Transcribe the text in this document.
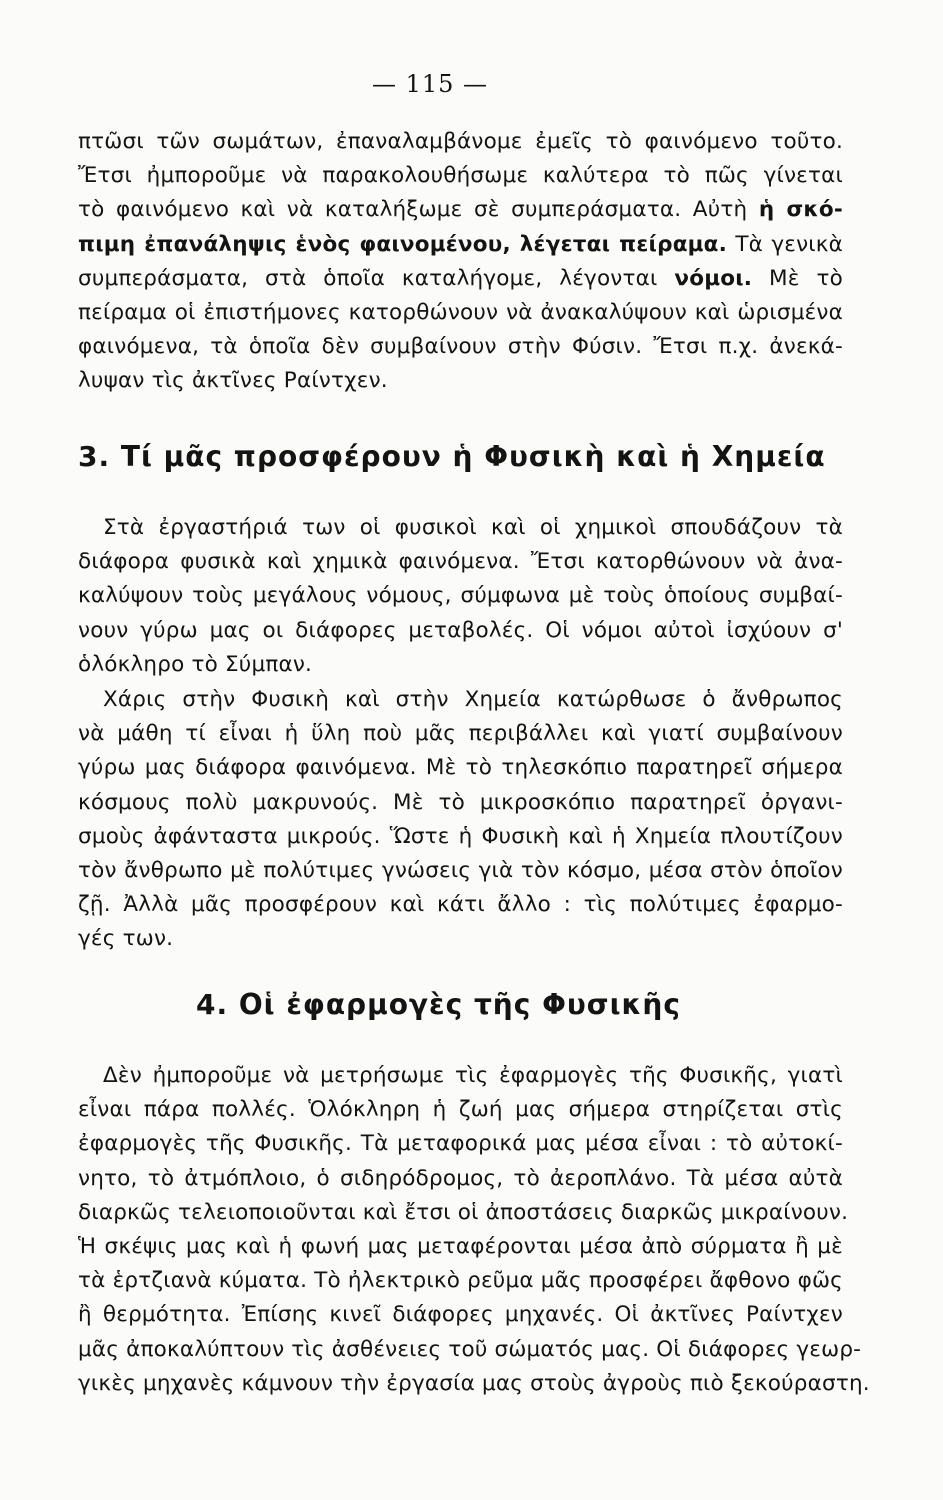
— 115 —
πτῶσι τῶν σωμάτων, ἐπαναλαμβάνομε ἐμεῖς τὸ φαινόμενο τοῦτο.
Ἔτσι ἠμποροῦμε νὰ παρακολουθήσωμε καλύτερα τὸ πῶς γίνεται
τὸ φαινόμενο καὶ νὰ καταλήξωμε σὲ συμπεράσματα. Αὐτὴ ἡ σκό-
πιμη ἐπανάληψις ἑνὸς φαινομένου, λέγεται πείραμα. Τὰ γενικὰ
συμπεράσματα, στὰ ὁποῖα καταλήγομε, λέγονται νόμοι. Μὲ τὸ
πείραμα οἱ ἐπιστήμονες κατορθώνουν νὰ ἀνακαλύψουν καὶ ὡρισμένα
φαινόμενα, τὰ ὁποῖα δὲν συμβαίνουν στὴν Φύσιν. Ἔτσι π.χ. ἀνεκά-
λυψαν τὶς ἀκτῖνες Ραίντχεν.
3. Τί μᾶς προσφέρουν ἡ Φυσικὴ καὶ ἡ Χημεία
Στὰ ἐργαστήριά των οἱ φυσικοὶ καὶ οἱ χημικοὶ σπουδάζουν τὰ
διάφορα φυσικὰ καὶ χημικὰ φαινόμενα. Ἔτσι κατορθώνουν νὰ ἀνα-
καλύψουν τοὺς μεγάλους νόμους, σύμφωνα μὲ τοὺς ὁποίους συμβαί-
νουν γύρω μας οι διάφορες μεταβολές. Οἱ νόμοι αὐτοὶ ἰσχύουν σ'
ὁλόκληρο τὸ Σύμπαν.
Χάρις στὴν Φυσικὴ καὶ στὴν Χημεία κατώρθωσε ὁ ἄνθρωπος
νὰ μάθη τί εἶναι ἡ ὕλη ποὺ μᾶς περιβάλλει καὶ γιατί συμβαίνουν
γύρω μας διάφορα φαινόμενα. Μὲ τὸ τηλεσκόπιο παρατηρεῖ σήμερα
κόσμους πολὺ μακρυνούς. Μὲ τὸ μικροσκόπιο παρατηρεῖ ὀργανι-
σμοὺς ἀφάνταστα μικρούς. Ὥστε ἡ Φυσικὴ καὶ ἡ Χημεία πλουτίζουν
τὸν ἄνθρωπο μὲ πολύτιμες γνώσεις γιὰ τὸν κόσμο, μέσα στὸν ὁποῖον
ζῇ. Ἀλλὰ μᾶς προσφέρουν καὶ κάτι ἄλλο : τὶς πολύτιμες ἐφαρμο-
γές των.
4. Οἱ ἐφαρμογὲς τῆς Φυσικῆς
Δὲν ἠμποροῦμε νὰ μετρήσωμε τὶς ἐφαρμογὲς τῆς Φυσικῆς, γιατὶ
εἶναι πάρα πολλές. Ὁλόκληρη ἡ ζωή μας σήμερα στηρίζεται στὶς
ἐφαρμογὲς τῆς Φυσικῆς. Τὰ μεταφορικά μας μέσα εἶναι : τὸ αὐτοκί-
νητο, τὸ ἀτμόπλοιο, ὁ σιδηρόδρομος, τὸ ἀεροπλάνο. Τὰ μέσα αὐτὰ
διαρκῶς τελειοποιοῦνται καὶ ἔτσι οἱ ἀποστάσεις διαρκῶς μικραίνουν.
Ἡ σκέψις μας καὶ ἡ φωνή μας μεταφέρονται μέσα ἀπὸ σύρματα ἢ μὲ
τὰ ἑρτζιανὰ κύματα. Τὸ ἠλεκτρικὸ ρεῦμα μᾶς προσφέρει ἄφθονο φῶς
ἢ θερμότητα. Ἐπίσης κινεῖ διάφορες μηχανές. Οἱ ἀκτῖνες Ραίντχεν
μᾶς ἀποκαλύπτουν τὶς ἀσθένειες τοῦ σώματός μας. Οἱ διάφορες γεωρ-
γικὲς μηχανὲς κάμνουν τὴν ἐργασία μας στοὺς ἀγροὺς πιὸ ξεκούραστη.
